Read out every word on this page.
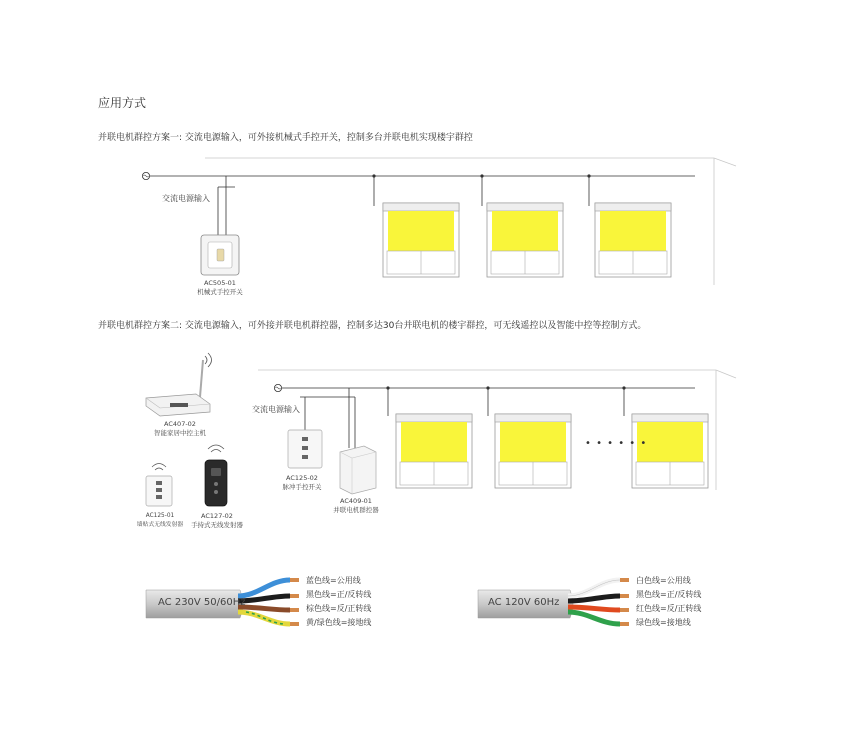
应用方式
并联电机群控方案一: 交流电源输入，可外接机械式手控开关，控制多台并联电机实现楼宇群控
并联电机群控方案二: 交流电源输入，可外接并联电机群控器，控制多达30台并联电机的楼宇群控，可无线遥控以及智能中控等控制方式。
交流电源输入
AC505-01
机械式手控开关
交流电源输入
• • • • • •
AC407-02
智能家居中控主机
AC125-01
墙贴式无线发射器
AC127-02
手持式无线发射器
AC125-02
脉冲手控开关
AC409-01
并联电机群控器
AC 230V 50/60Hz	AC 120V 60Hz
蓝色线=公用线
黑色线=正/反转线
棕色线=反/正转线
黄/绿色线=接地线
白色线=公用线
黑色线=正/反转线
红色线=反/正转线
绿色线=接地线
